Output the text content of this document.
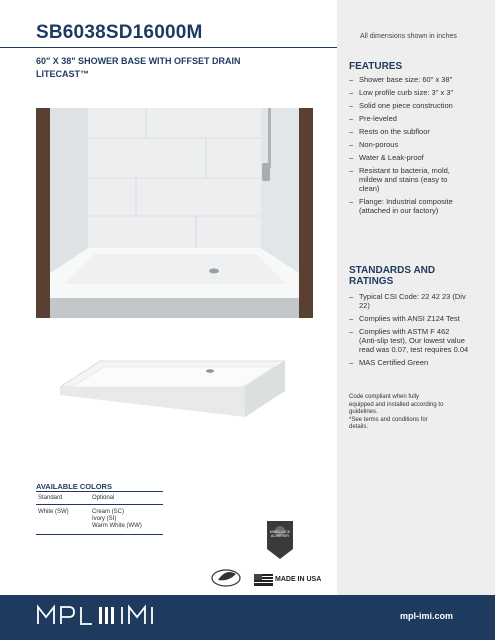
SB6038SD16000M	All dimensions shown in inches
60" X 38" SHOWER BASE WITH OFFSET DRAIN
LITECAST™
AVAILABLE COLORS
Standard	Optional
White (SW)	Cream (SC)
Ivory (SI)
Warm White (WW)
FEATURES
– Shower base size: 60" x 38"
– Low profile curb size: 3" x 3"
– Solid one piece construction
– Pre-leveled
– Rests on the subfloor
– Non-porous
– Water & Leak-proof
– Resistant to bacteria, mold, mildew and stains (easy to clean)
– Flange: Industrial composite (attached in our factory)
STANDARDS AND RATINGS
– Typical CSI Code: 22 42 23 (Div 22)
– Complies with ANSI Z124 Test
– Complies with ASTM F 462 (Anti-slip test), Our lowest value read was 0.07, test requires 0.04
– MAS Certified Green
Code compliant when fully
equipped and installed according to
guidelines.
*See terms and conditions for
details.
MINELLOCK
ACHIEVER
MADE IN USA
MPL IMI
mpl-imi.com
